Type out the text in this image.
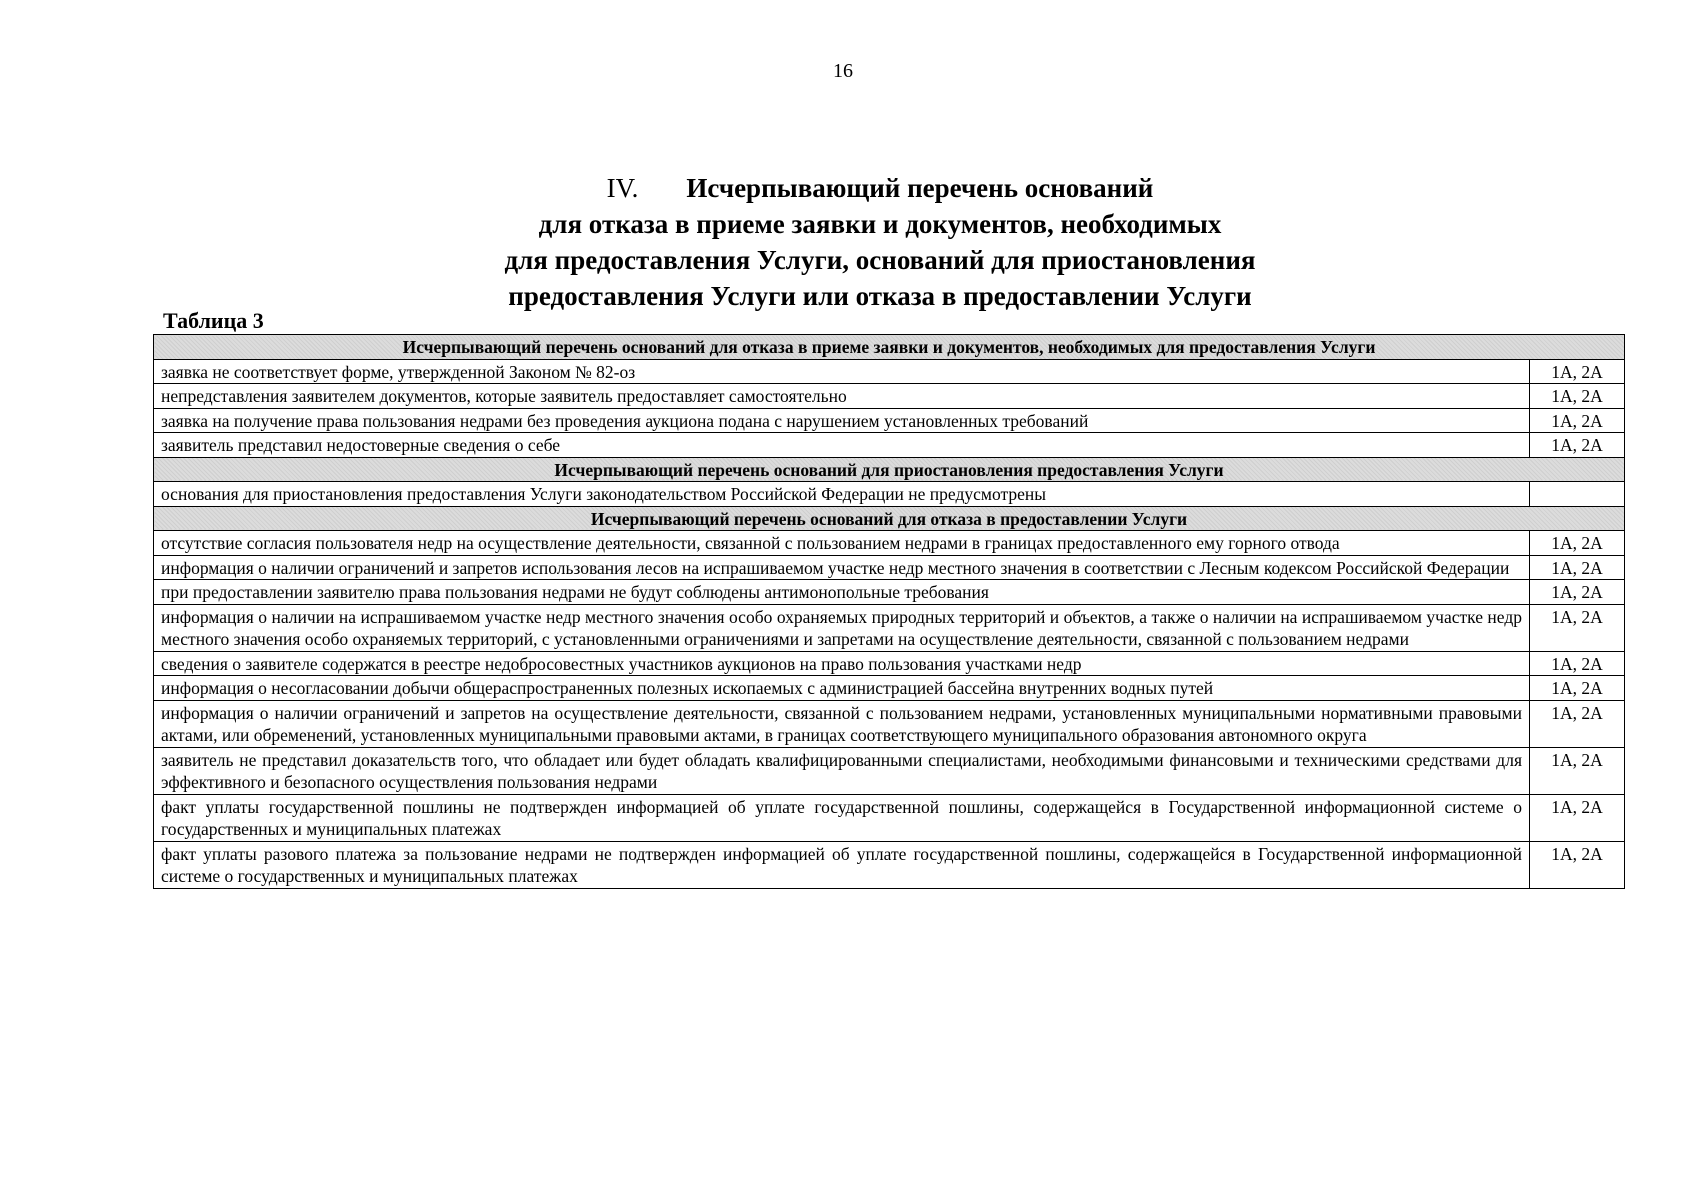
16
IV. Исчерпывающий перечень оснований
для отказа в приеме заявки и документов, необходимых
для предоставления Услуги, оснований для приостановления
предоставления Услуги или отказа в предоставлении Услуги
Таблица 3
Исчерпывающий перечень оснований для отказа в приеме заявки и документов, необходимых для предоставления Услуги	
заявка не соответствует форме, утвержденной Законом № 82-оз	1А, 2А
непредставления заявителем документов, которые заявитель предоставляет самостоятельно	1А, 2А
заявка на получение права пользования недрами без проведения аукциона подана с нарушением установленных требований	1А, 2А
заявитель представил недостоверные сведения о себе	1А, 2А
Исчерпывающий перечень оснований для приостановления предоставления Услуги	
основания для приостановления предоставления Услуги законодательством Российской Федерации не предусмотрены	
Исчерпывающий перечень оснований для отказа в предоставлении Услуги	
отсутствие согласия пользователя недр на осуществление деятельности, связанной с пользованием недрами в границах предоставленного ему горного отвода	1А, 2А
информация о наличии ограничений и запретов использования лесов на испрашиваемом участке недр местного значения в соответствии с Лесным кодексом Российской Федерации	1А, 2А
при предоставлении заявителю права пользования недрами не будут соблюдены антимонопольные требования	1А, 2А
информация о наличии на испрашиваемом участке недр местного значения особо охраняемых природных территорий и объектов, а также о наличии на испрашиваемом участке недр местного значения особо охраняемых территорий, с установленными ограничениями и запретами на осуществление деятельности, связанной с пользованием недрами	1А, 2А
сведения о заявителе содержатся в реестре недобросовестных участников аукционов на право пользования участками недр	1А, 2А
информация о несогласовании добычи общераспространенных полезных ископаемых с администрацией бассейна внутренних водных путей	1А, 2А
информация о наличии ограничений и запретов на осуществление деятельности, связанной с пользованием недрами, установленных муниципальными нормативными правовыми актами, или обременений, установленных муниципальными правовыми актами, в границах соответствующего муниципального образования автономного округа	1А, 2А
заявитель не представил доказательств того, что обладает или будет обладать квалифицированными специалистами, необходимыми финансовыми и техническими средствами для эффективного и безопасного осуществления пользования недрами	1А, 2А
факт уплаты государственной пошлины не подтвержден информацией об уплате государственной пошлины, содержащейся в Государственной информационной системе о государственных и муниципальных платежах	1А, 2А
факт уплаты разового платежа за пользование недрами не подтвержден информацией об уплате государственной пошлины, содержащейся в Государственной информационной системе о государственных и муниципальных платежах	1А, 2А
